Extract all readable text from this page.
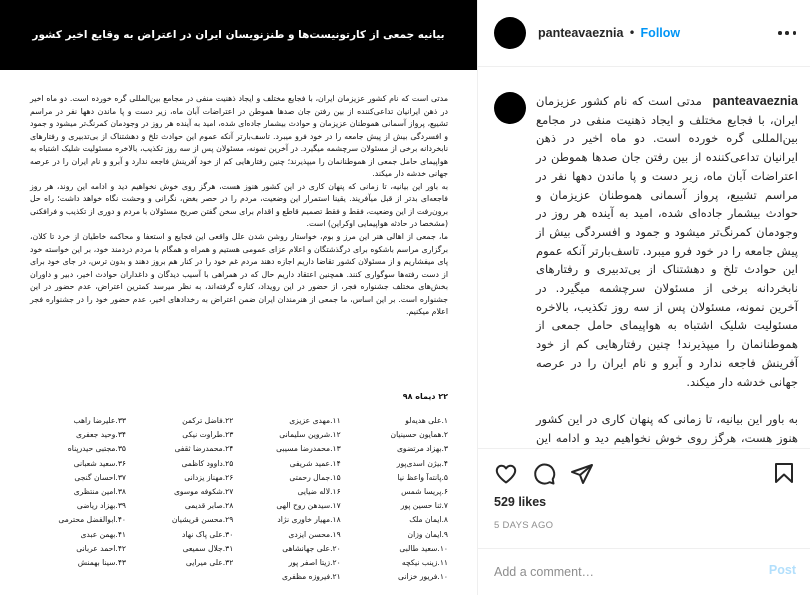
بیانیه جمعی از کارتونیست‌ها و طنزنویسان ایران در اعتراض به وقایع اخیر کشور

مدتی است که نام کشور عزیزمان ایران، با فجایع مختلف و ایجاد ذهنیت منفی در مجامع بین‌المللی گره خورده است. دو ماه اخیر در ذهن ایرانیان تداعی‌کننده از بین رفتن جان صدها هموطن در اعتراضات آبان ماه، زیر دست و پا ماندن دهها نفر در مراسم تشییع، پرواز آسمانی هموطنان عزیزمان و حوادث بیشمار جاده‌ای شده، امید به آینده هر روز در وجودمان کمرنگ‌تر میشود و جمود و افسردگی بیش از پیش جامعه را در خود فرو میبرد. تاسف‌بارتر آنکه عموم این حوادث تلخ و دهشتناک از بی‌تدبیری و رفتارهای نابخردانه برخی از مسئولان سرچشمه میگیرد. در آخرین نمونه، مسئولان پس از سه روز تکذیب، بالاخره مسئولیت شلیک اشتباه به هواپیمای حامل جمعی از هموطنانمان را میپذیرند؛ چنین رفتارهایی کم از خود آفرینش فاجعه ندارد و آبرو و نام ایران را در عرصه جهانی خدشه دار میکند.

به باور این بیانیه، تا زمانی که پنهان کاری در این کشور هنوز هست، هرگز روی خوش نخواهیم دید و ادامه این روند، هر روز فاجعه‌ای بدتر از قبل میآفریند. یقینا استمرار این وضعیت، مردم را در حصر بغض، نگرانی و وحشت نگاه خواهد داشت؛ راه حل برون‌رفت از این وضعیت، فقط و فقط تصمیم قاطع و اقدام برای سخن گفتن صریح مسئولان با مردم و دوری از تکذیب و فرافکنی (مشخصا در حادثه هواپیمایی اوکراین) است.

ما، جمعی از اهالی هنر این مرز و بوم، خواستار روشن شدن علل واقعی این فجایع و استعفا و محاکمه خاطیان از خرد تا کلان، برگزاری مراسم باشکوه برای درگذشتگان و اعلام عزای عمومی هستیم و همراه و همگام با مردم دردمند خود، بر این خواسته خود پای میفشاریم و از مسئولان کشور تقاضا داریم اجازه دهند مردم غم خود را در کنار هم بروز دهند و بدون ترس، در جای خود برای از دست رفته‌ها سوگواری کنند. همچنین اعتقاد داریم حال که در همراهی با آسیب دیدگان و داغداران حوادث اخیر، دبیر و داوران بخش‌های مختلف جشنواره فجر، از حضور در این رویداد، کناره گرفته‌اند، به نظر میرسد کمترین اعتراض، عدم حضور در این جشنواره است. بر این اساس، ما جمعی از هنرمندان ایران ضمن اعتراض به رخدادهای اخیر، عدم حضور خود را در جشنواره فجر اعلام میکنیم.

۲۲ دیماه ۹۸
۱.علی هدیه‌لو
۲.همایون حسینیان
۳.بهزاد مرتضوی
۴.بیژن اسدی‌پور
۵.پانته‌آ واعظ نیا
۶.پریسا شمس
۷.ثنا حسین پور
۸.ایمان ملک
۹.ایمان وزان
۱۰.سعید طالبی
۱۱.زینب نیکچه
۱۰.فریور خزانی
۱۱.مهدی عزیزی
۱۲.شروین سلیمانی
۱۳.محمدرضا مسیبی
۱۴.عمید شریفی
۱۵.جمال رحمتی
۱۶.لاله ضیایی
۱۷.سیدهن روح الهی
۱۸.مهیار خاوری نژاد
۱۹.محسن ایزدی
۲۰.علی جهانشاهی
۲۰.زیتا اصفر پور
۲۱.فیروزه مظفری
۲۲.فاضل ترکمن
۲۳.طراوت نیکی
۲۴.محمدرضا ثقفی
۲۵.داوود کاظمی
۲۶.مهناز یزدانی
۲۷.شکوفه موسوی
۲۸.صابر قدیمی
۲۹.محسن قریشیان
۳۰.علی پاک نهاد
۳۱.جلال سمیعی
۳۲.علی میرایی
۳۳.علیرضا راهب
۳۴.وحید جعفری
۳۵.مجتبی حیدرپناه
۳۶.سعید شعبانی
۳۷.احسان گنجی
۳۸.امین منتظری
۳۹.بهزاد ریاضی
۴۰.ابوالفضل محترمی
۴۱.بهمن عبدی
۴۲.احمد عربانی
۴۳.سینا بهمنش
panteavaeznia • Follow
panteavaeznia مدتی است که نام کشور عزیزمان ایران، با فجایع مختلف و ایجاد ذهنیت منفی در مجامع بین‌المللی گره خورده است. دو ماه اخیر در ذهن ایرانیان تداعی‌کننده از بین رفتن جان صدها هموطن در اعتراضات آبان ماه، زیر دست و پا ماندن دهها نفر در مراسم تشییع، پرواز آسمانی هموطنان عزیزمان و حوادث بیشمار جاده‌ای شده، امید به آینده هر روز در وجودمان کمرنگ‌تر میشود و جمود و افسردگی بیش از پیش جامعه را در خود فرو میبرد. تاسف‌بارتر آنکه عموم این حوادث تلخ و دهشتناک از بی‌تدبیری و رفتارهای نابخردانه برخی از مسئولان سرچشمه میگیرد. در آخرین نمونه، مسئولان پس از سه روز تکذیب، بالاخره مسئولیت شلیک اشتباه به هواپیمای حامل جمعی از هموطنانمان را میپذیرند! چنین رفتارهایی کم از خود آفرینش فاجعه ندارد و آبرو و نام ایران را در عرصه جهانی خدشه دار میکند.

به باور این بیانیه، تا زمانی که پنهان کاری در این کشور هنوز هست، هرگز روی خوش نخواهیم دید و ادامه این
529 likes
5 DAYS AGO
Add a comment…
Post
